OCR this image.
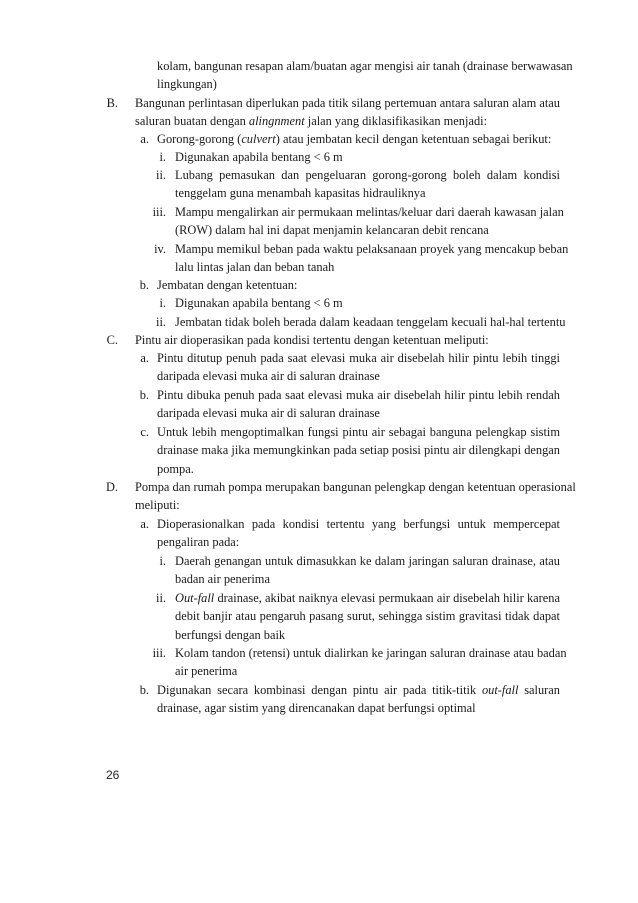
kolam, bangunan resapan alam/buatan agar mengisi air tanah (drainase berwawasan
lingkungan)
B. Bangunan perlintasan diperlukan pada titik silang pertemuan antara saluran alam atau
saluran buatan dengan alingnment jalan yang diklasifikasikan menjadi:
a. Gorong-gorong (culvert) atau jembatan kecil dengan ketentuan sebagai berikut:
i. Digunakan apabila bentang < 6 m
ii. Lubang pemasukan dan pengeluaran gorong-gorong boleh dalam kondisi
tenggelam guna menambah kapasitas hidrauliknya
iii. Mampu mengalirkan air permukaan melintas/keluar dari daerah kawasan jalan
(ROW) dalam hal ini dapat menjamin kelancaran debit rencana
iv. Mampu memikul beban pada waktu pelaksanaan proyek yang mencakup beban
lalu lintas jalan dan beban tanah
b. Jembatan dengan ketentuan:
i. Digunakan apabila bentang < 6 m
ii. Jembatan tidak boleh berada dalam keadaan tenggelam kecuali hal-hal tertentu
C. Pintu air dioperasikan pada kondisi tertentu dengan ketentuan meliputi:
a. Pintu ditutup penuh pada saat elevasi muka air disebelah hilir pintu lebih tinggi
daripada elevasi muka air di saluran drainase
b. Pintu dibuka penuh pada saat elevasi muka air disebelah hilir pintu lebih rendah
daripada elevasi muka air di saluran drainase
c. Untuk lebih mengoptimalkan fungsi pintu air sebagai banguna pelengkap sistim
drainase maka jika memungkinkan pada setiap posisi pintu air dilengkapi dengan
pompa.
D. Pompa dan rumah pompa merupakan bangunan pelengkap dengan ketentuan operasional
meliputi:
a. Dioperasionalkan pada kondisi tertentu yang berfungsi untuk mempercepat
pengaliran pada:
i. Daerah genangan untuk dimasukkan ke dalam jaringan saluran drainase, atau
badan air penerima
ii. Out-fall drainase, akibat naiknya elevasi permukaan air disebelah hilir karena
debit banjir atau pengaruh pasang surut, sehingga sistim gravitasi tidak dapat
berfungsi dengan baik
iii. Kolam tandon (retensi) untuk dialirkan ke jaringan saluran drainase atau badan
air penerima
b. Digunakan secara kombinasi dengan pintu air pada titik-titik out-fall saluran
drainase, agar sistim yang direncanakan dapat berfungsi optimal
26
